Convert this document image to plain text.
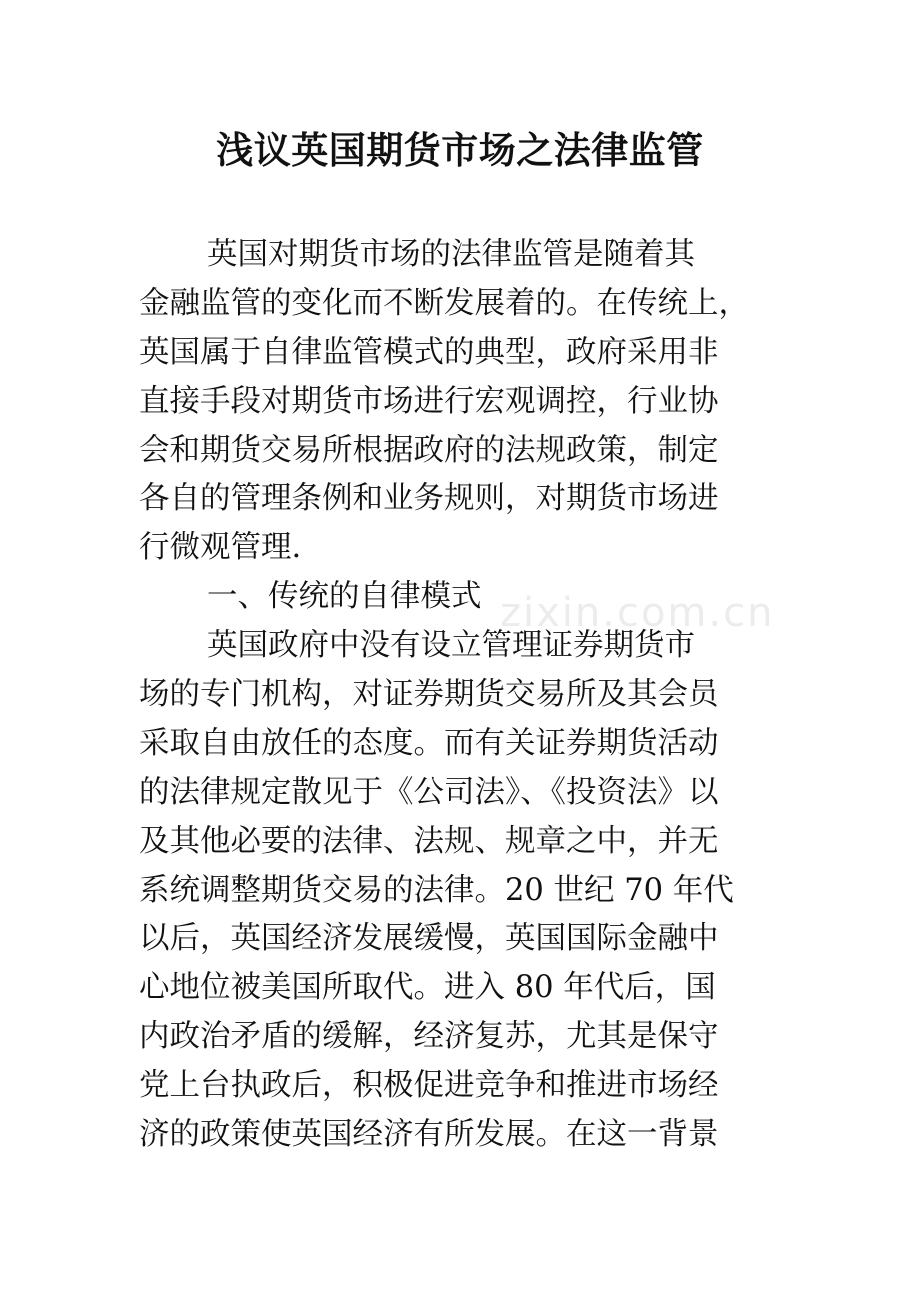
zixin.com.cn
浅议英国期货市场之法律监管
英国对期货市场的法律监管是随着其
金融监管的变化而不断发展着的。在传统上，
英国属于自律监管模式的典型，政府采用非
直接手段对期货市场进行宏观调控，行业协
会和期货交易所根据政府的法规政策，制定
各自的管理条例和业务规则，对期货市场进
行微观管理.
一、传统的自律模式
英国政府中没有设立管理证券期货市
场的专门机构，对证券期货交易所及其会员
采取自由放任的态度。而有关证券期货活动
的法律规定散见于《公司法》、《投资法》以
及其他必要的法律、法规、规章之中，并无
系统调整期货交易的法律。20 世纪 70 年代
以后，英国经济发展缓慢，英国国际金融中
心地位被美国所取代。进入 80 年代后，国
内政治矛盾的缓解，经济复苏，尤其是保守
党上台执政后，积极促进竞争和推进市场经
济的政策使英国经济有所发展。在这一背景
